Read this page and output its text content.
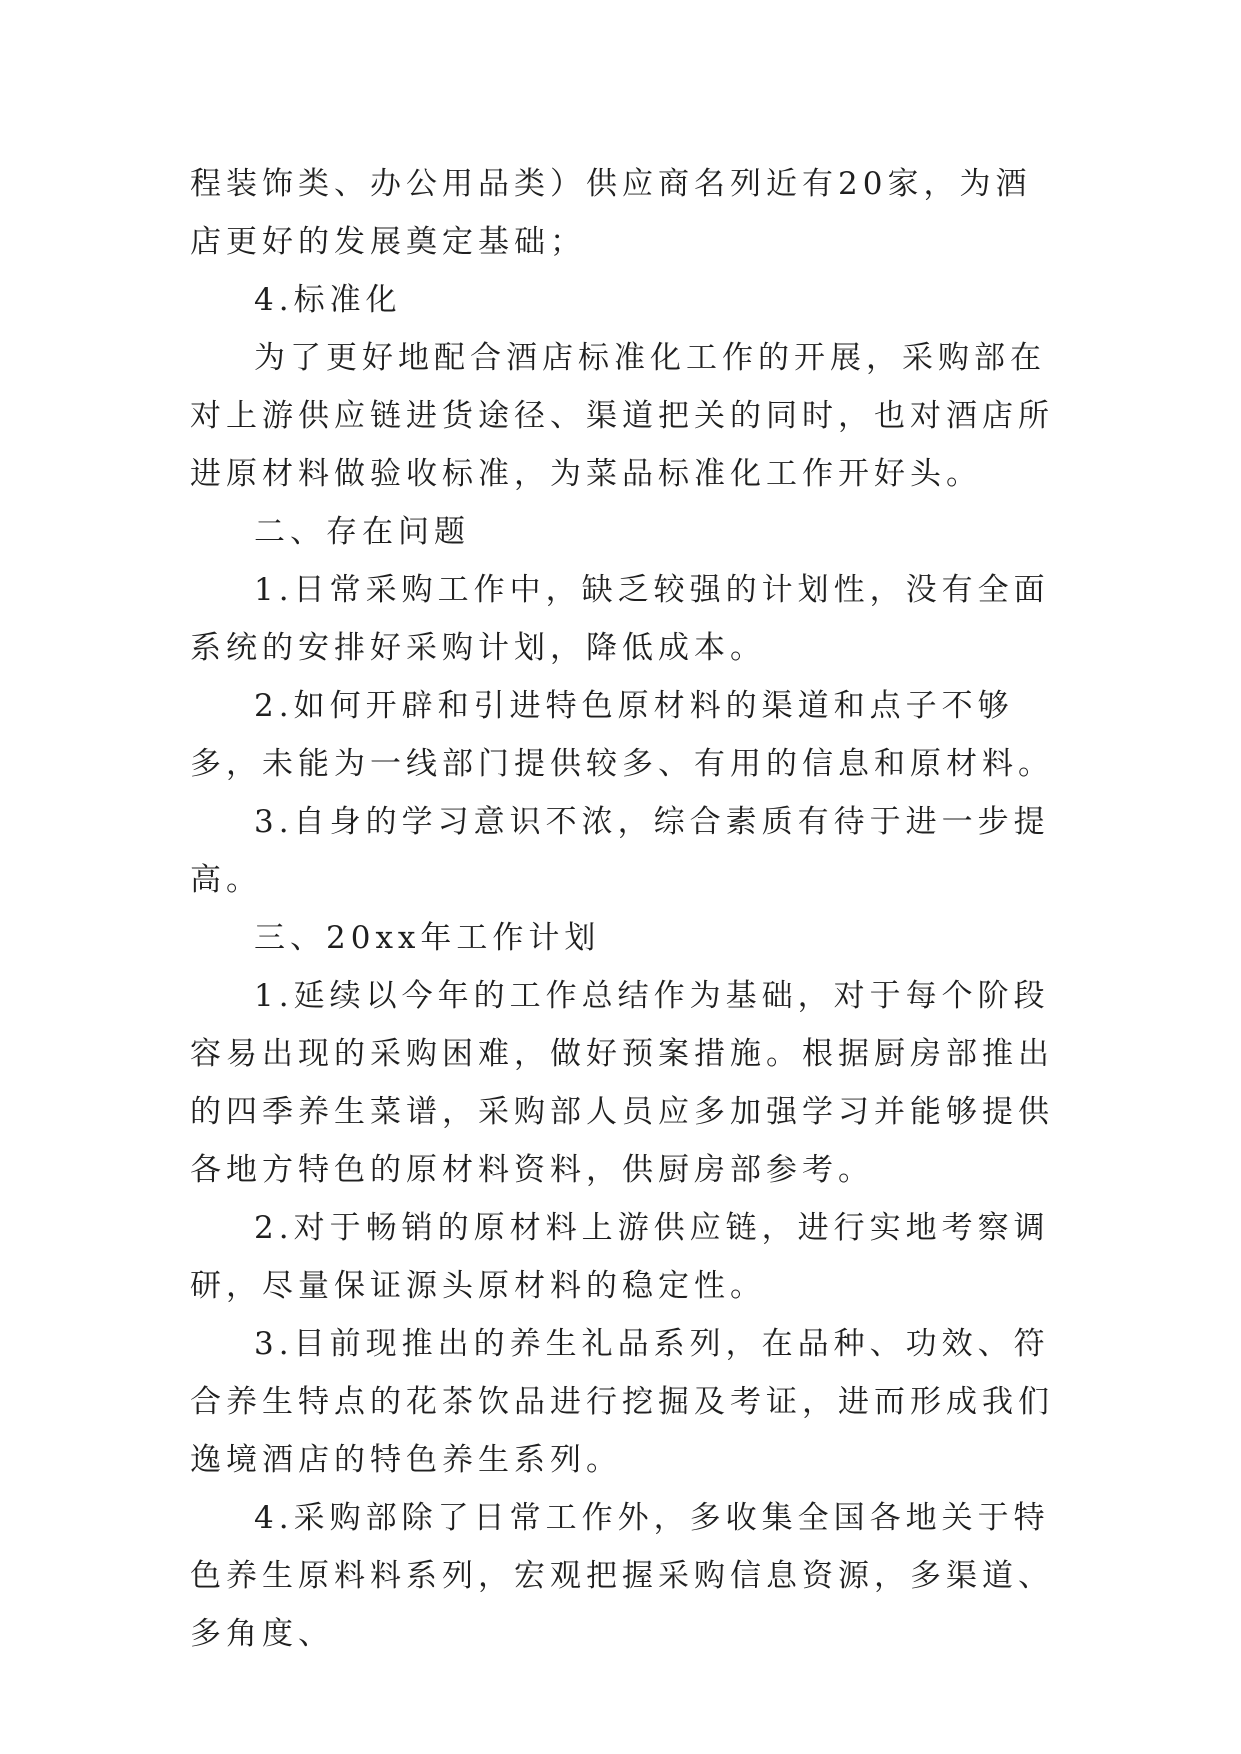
程装饰类、办公用品类）供应商名列近有20家，为酒店更好的发展奠定基础；

4.标准化

为了更好地配合酒店标准化工作的开展，采购部在对上游供应链进货途径、渠道把关的同时，也对酒店所进原材料做验收标准，为菜品标准化工作开好头。

二、存在问题

1.日常采购工作中，缺乏较强的计划性，没有全面系统的安排好采购计划，降低成本。

2.如何开辟和引进特色原材料的渠道和点子不够多，未能为一线部门提供较多、有用的信息和原材料。

3.自身的学习意识不浓，综合素质有待于进一步提高。

三、20xx年工作计划

1.延续以今年的工作总结作为基础，对于每个阶段容易出现的采购困难，做好预案措施。根据厨房部推出的四季养生菜谱，采购部人员应多加强学习并能够提供各地方特色的原材料资料，供厨房部参考。

2.对于畅销的原材料上游供应链，进行实地考察调研，尽量保证源头原材料的稳定性。

3.目前现推出的养生礼品系列，在品种、功效、符合养生特点的花茶饮品进行挖掘及考证，进而形成我们逸境酒店的特色养生系列。

4.采购部除了日常工作外，多收集全国各地关于特色养生原料料系列，宏观把握采购信息资源，多渠道、多角度、
